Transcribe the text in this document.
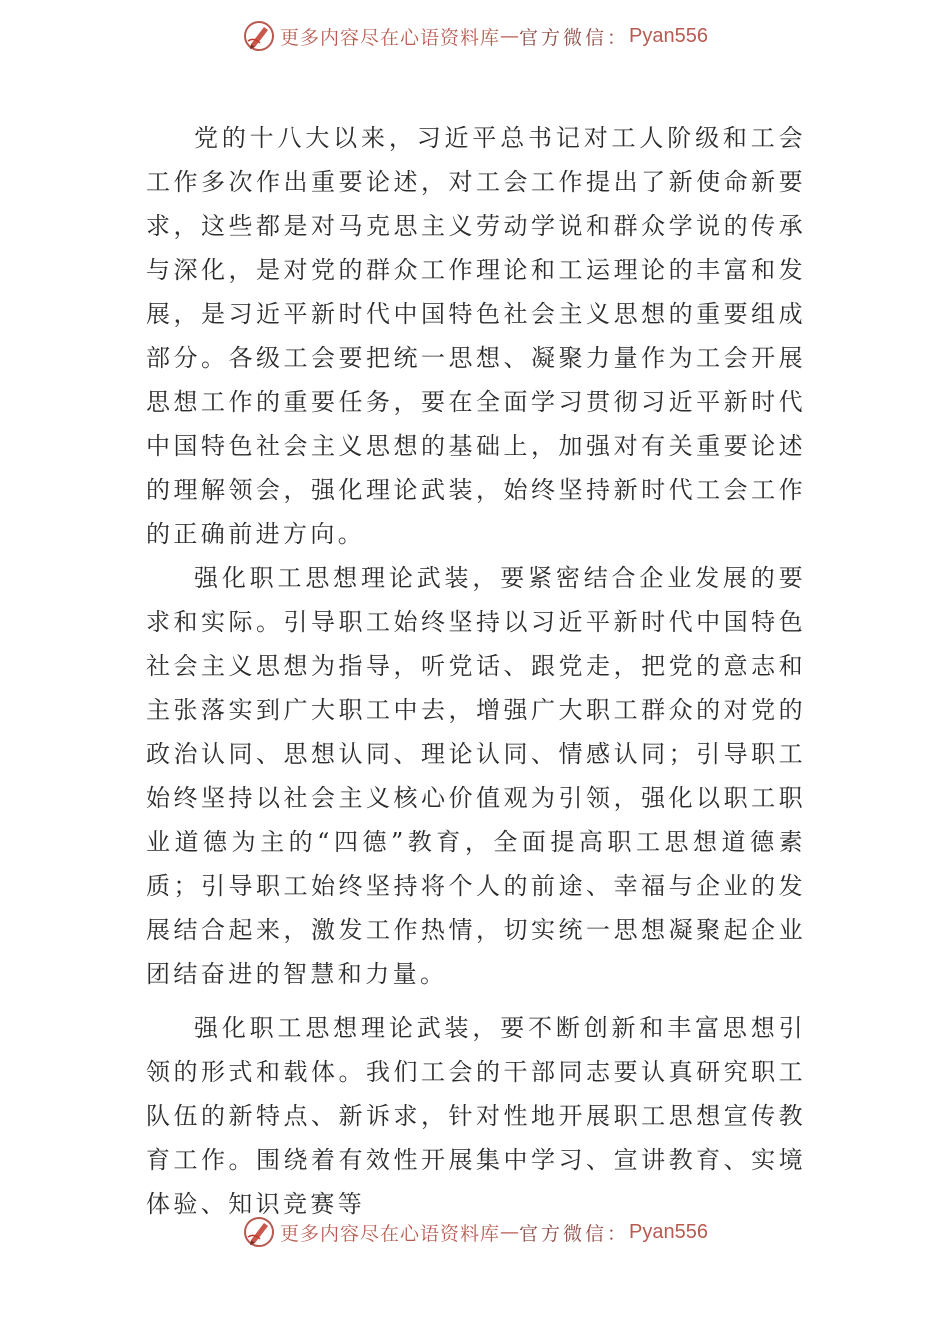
更多内容尽在心语资料库 — 官方微信： Pyan556

党的十八大以来，习近平总书记对工人阶级和工会工作多次作出重要论述，对工会工作提出了新使命新要求，这些都是对马克思主义劳动学说和群众学说的传承与深化，是对党的群众工作理论和工运理论的丰富和发展，是习近平新时代中国特色社会主义思想的重要组成部分。各级工会要把统一思想、凝聚力量作为工会开展思想工作的重要任务，要在全面学习贯彻习近平新时代中国特色社会主义思想的基础上，加强对有关重要论述的理解领会，强化理论武装，始终坚持新时代工会工作的正确前进方向。

强化职工思想理论武装，要紧密结合企业发展的要求和实际。引导职工始终坚持以习近平新时代中国特色社会主义思想为指导，听党话、跟党走，把党的意志和主张落实到广大职工中去，增强广大职工群众的对党的政治认同、思想认同、理论认同、情感认同；引导职工始终坚持以社会主义核心价值观为引领，强化以职工职业道德为主的“四德”教育，全面提高职工思想道德素质；引导职工始终坚持将个人的前途、幸福与企业的发展结合起来，激发工作热情，切实统一思想凝聚起企业团结奋进的智慧和力量。

强化职工思想理论武装，要不断创新和丰富思想引领的形式和载体。我们工会的干部同志要认真研究职工队伍的新特点、新诉求，针对性地开展职工思想宣传教育工作。围绕着有效性开展集中学习、宣讲教育、实境体验、知识竞赛等

更多内容尽在心语资料库 — 官方微信： Pyan556
